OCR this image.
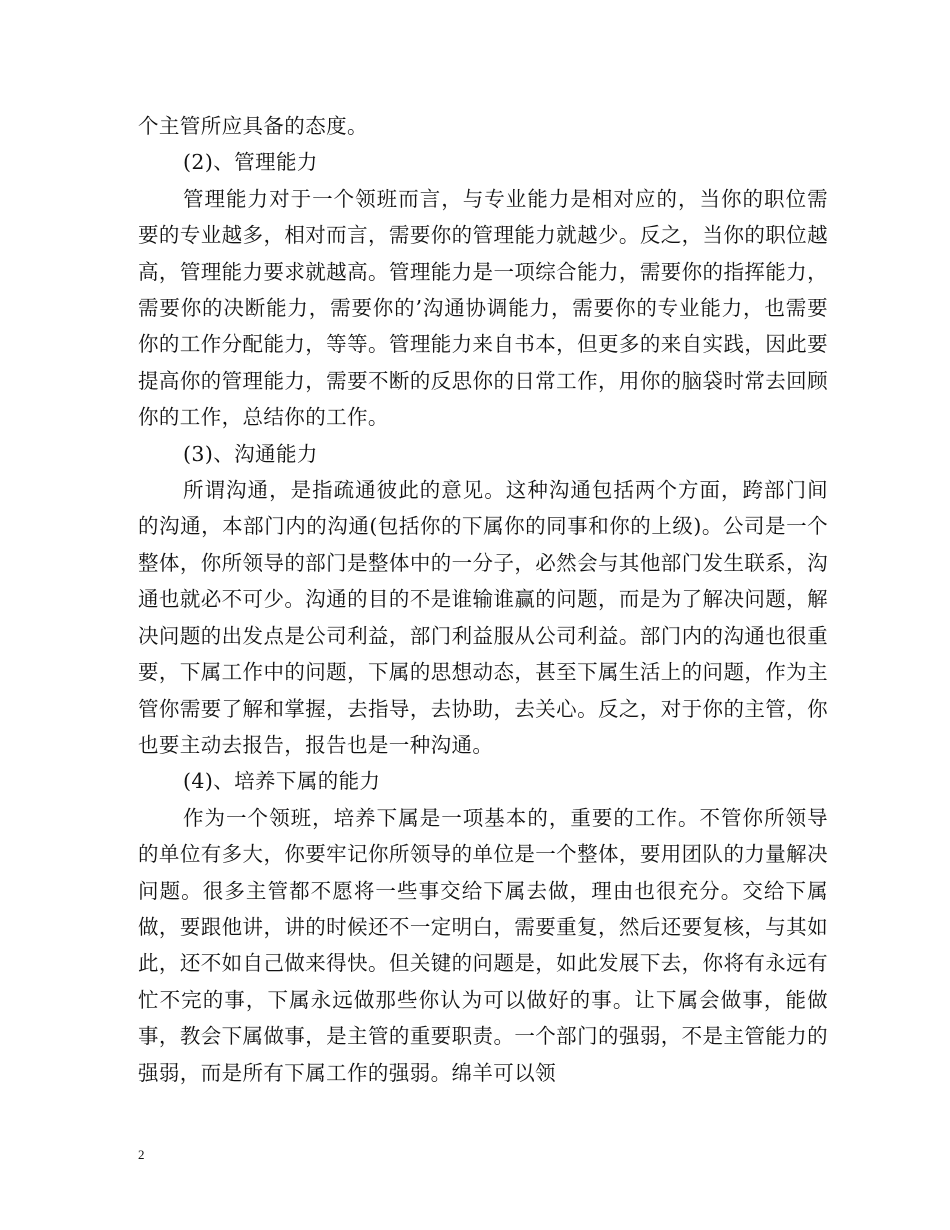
个主管所应具备的态度。

(2)、管理能力

管理能力对于一个领班而言，与专业能力是相对应的，当你的职位需要的专业越多，相对而言，需要你的管理能力就越少。反之，当你的职位越高，管理能力要求就越高。管理能力是一项综合能力，需要你的指挥能力，需要你的决断能力，需要你的’沟通协调能力，需要你的专业能力，也需要你的工作分配能力，等等。管理能力来自书本，但更多的来自实践，因此要提高你的管理能力，需要不断的反思你的日常工作，用你的脑袋时常去回顾你的工作，总结你的工作。

(3)、沟通能力

所谓沟通，是指疏通彼此的意见。这种沟通包括两个方面，跨部门间的沟通，本部门内的沟通(包括你的下属你的同事和你的上级)。公司是一个整体，你所领导的部门是整体中的一分子，必然会与其他部门发生联系，沟通也就必不可少。沟通的目的不是谁输谁赢的问题，而是为了解决问题，解决问题的出发点是公司利益，部门利益服从公司利益。部门内的沟通也很重要，下属工作中的问题，下属的思想动态，甚至下属生活上的问题，作为主管你需要了解和掌握，去指导，去协助，去关心。反之，对于你的主管，你也要主动去报告，报告也是一种沟通。

(4)、培养下属的能力

作为一个领班，培养下属是一项基本的，重要的工作。不管你所领导的单位有多大，你要牢记你所领导的单位是一个整体，要用团队的力量解决问题。很多主管都不愿将一些事交给下属去做，理由也很充分。交给下属做，要跟他讲，讲的时候还不一定明白，需要重复，然后还要复核，与其如此，还不如自己做来得快。但关键的问题是，如此发展下去，你将有永远有忙不完的事，下属永远做那些你认为可以做好的事。让下属会做事，能做事，教会下属做事，是主管的重要职责。一个部门的强弱，不是主管能力的强弱，而是所有下属工作的强弱。绵羊可以领

2
